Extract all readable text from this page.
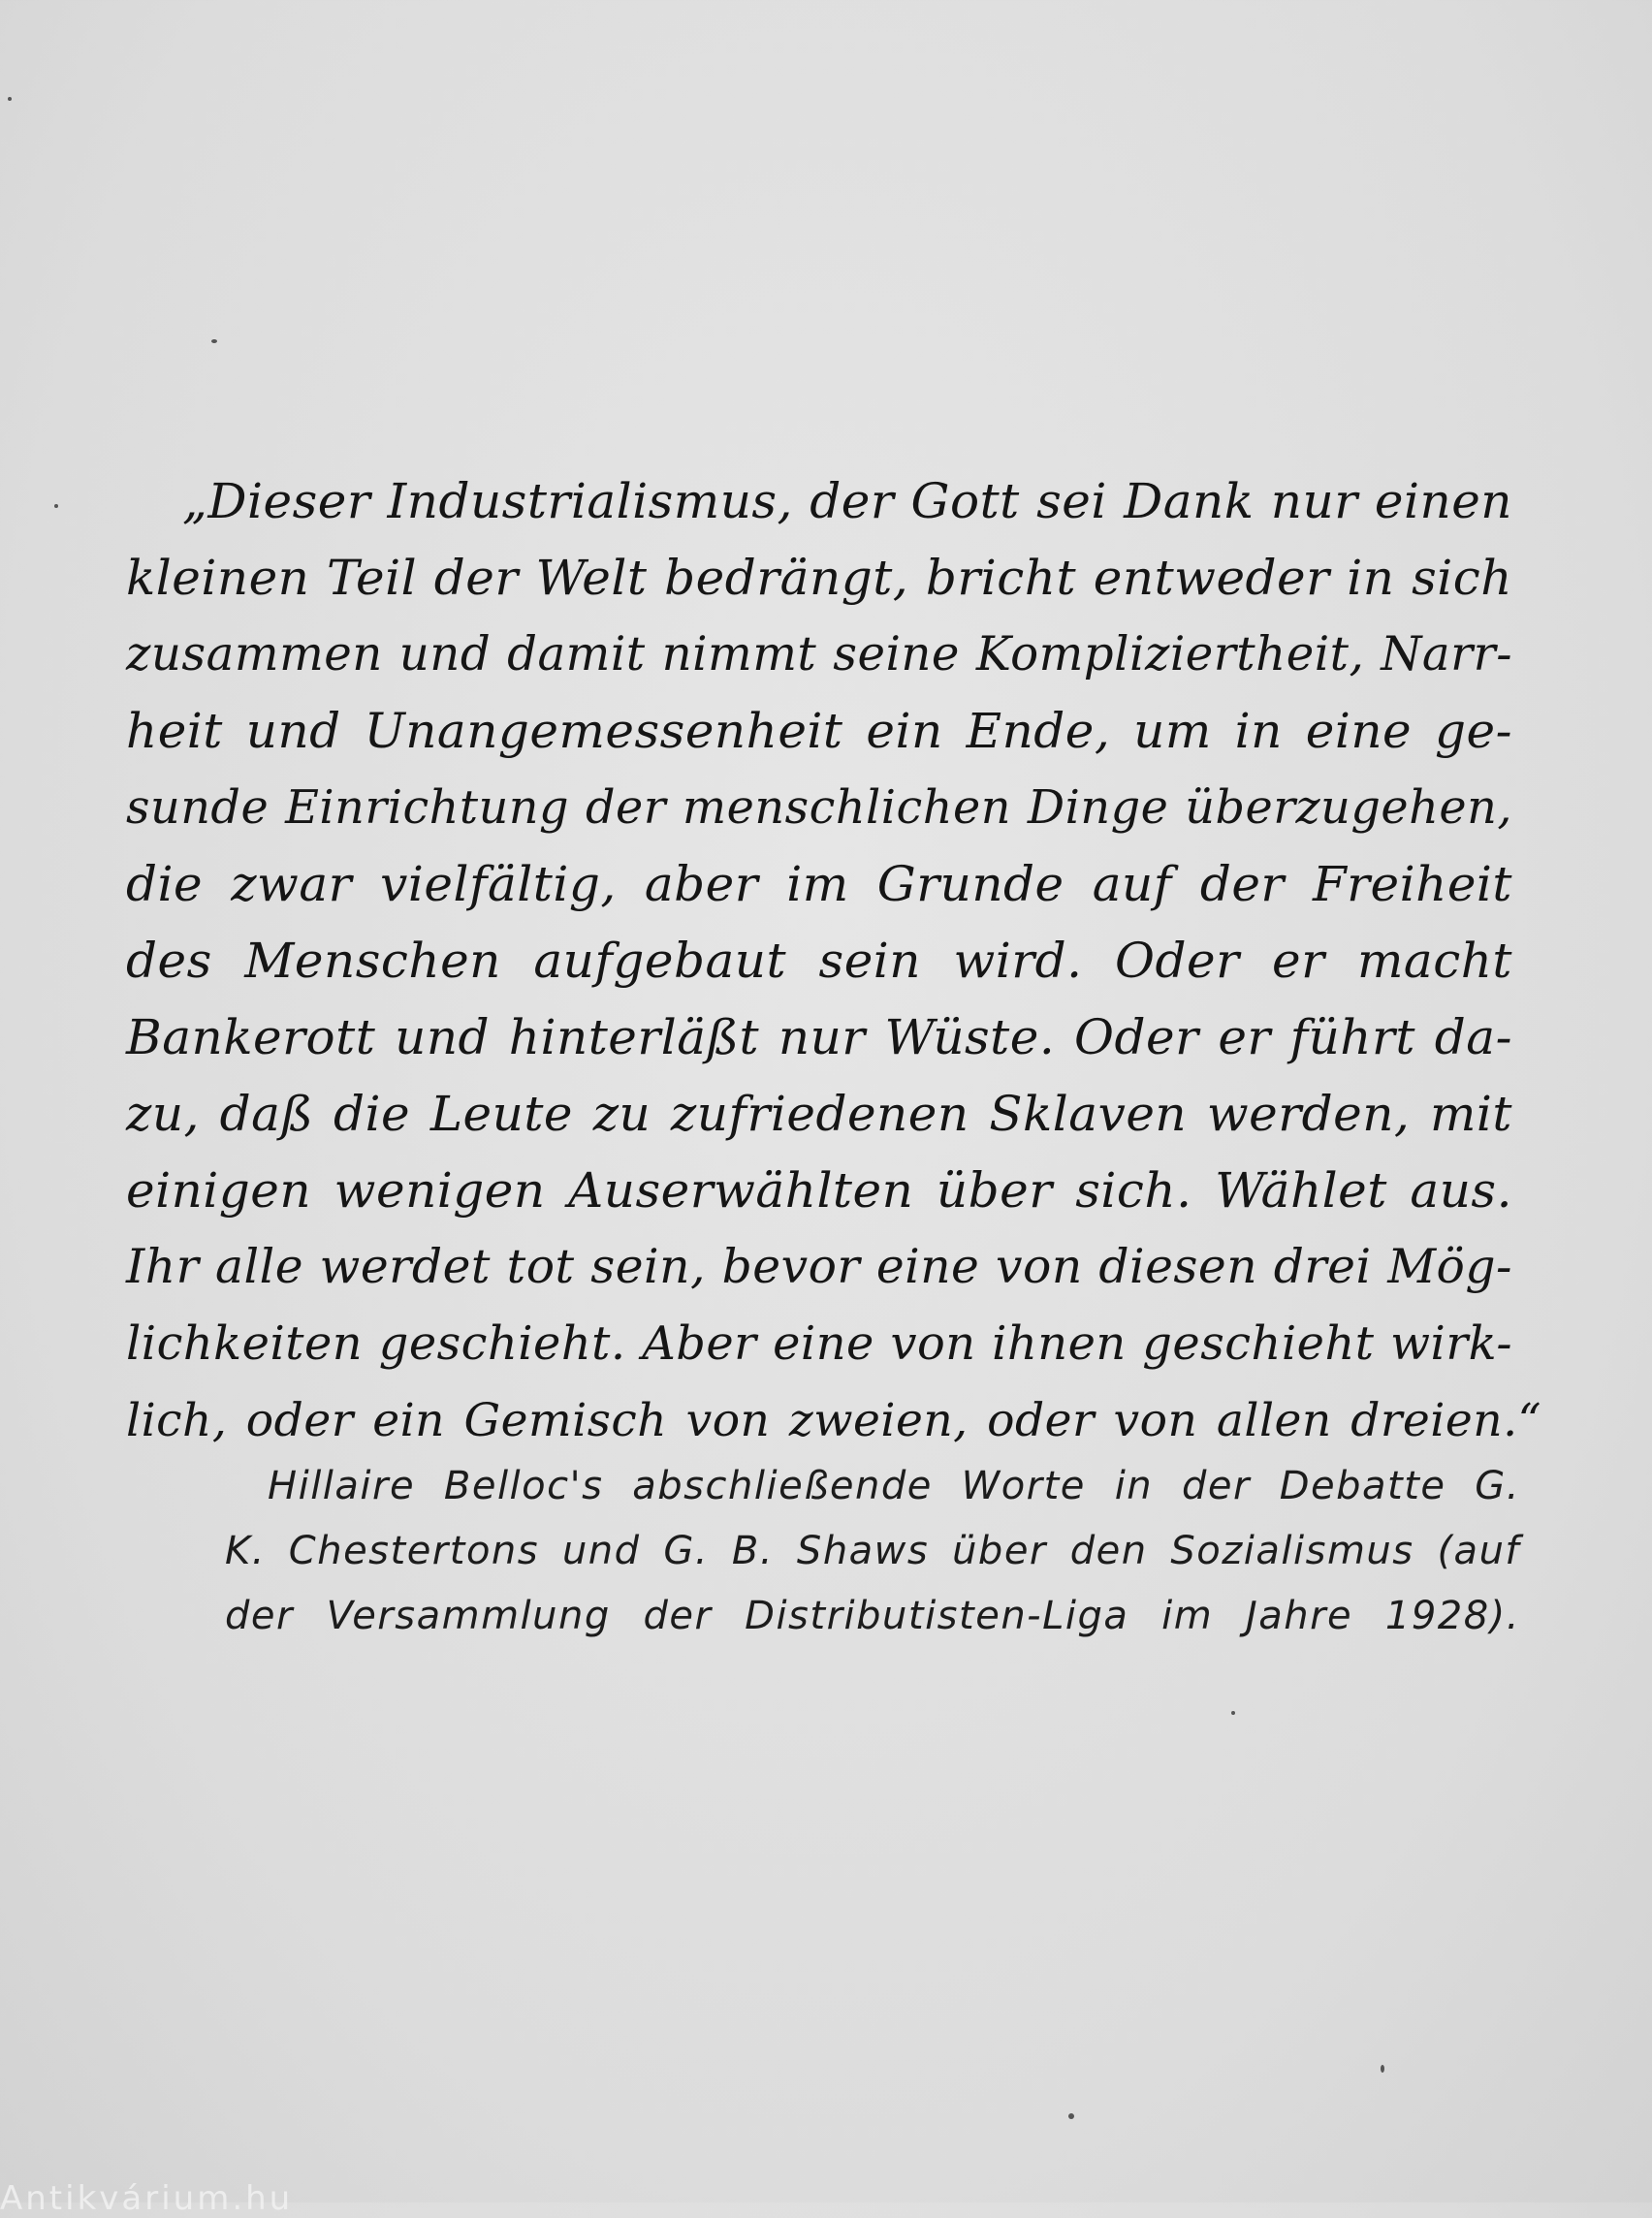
„Dieser Industrialismus, der Gott sei Dank nur einen
kleinen Teil der Welt bedrängt, bricht entweder in sich
zusammen und damit nimmt seine Kompliziertheit, Narr-
heit und Unangemessenheit ein Ende, um in eine ge-
sunde Einrichtung der menschlichen Dinge überzugehen,
die zwar vielfältig, aber im Grunde auf der Freiheit
des Menschen aufgebaut sein wird. Oder er macht
Bankerott und hinterläßt nur Wüste. Oder er führt da-
zu, daß die Leute zu zufriedenen Sklaven werden, mit
einigen wenigen Auserwählten über sich. Wählet aus.
Ihr alle werdet tot sein, bevor eine von diesen drei Mög-
lichkeiten geschieht. Aber eine von ihnen geschieht wirk-
lich, oder ein Gemisch von zweien, oder von allen dreien.“
Hillaire Belloc's abschließende Worte in der Debatte G.
K. Chestertons und G. B. Shaws über den Sozialismus (auf
der Versammlung der Distributisten-Liga im Jahre 1928).
Antikvárium.hu
